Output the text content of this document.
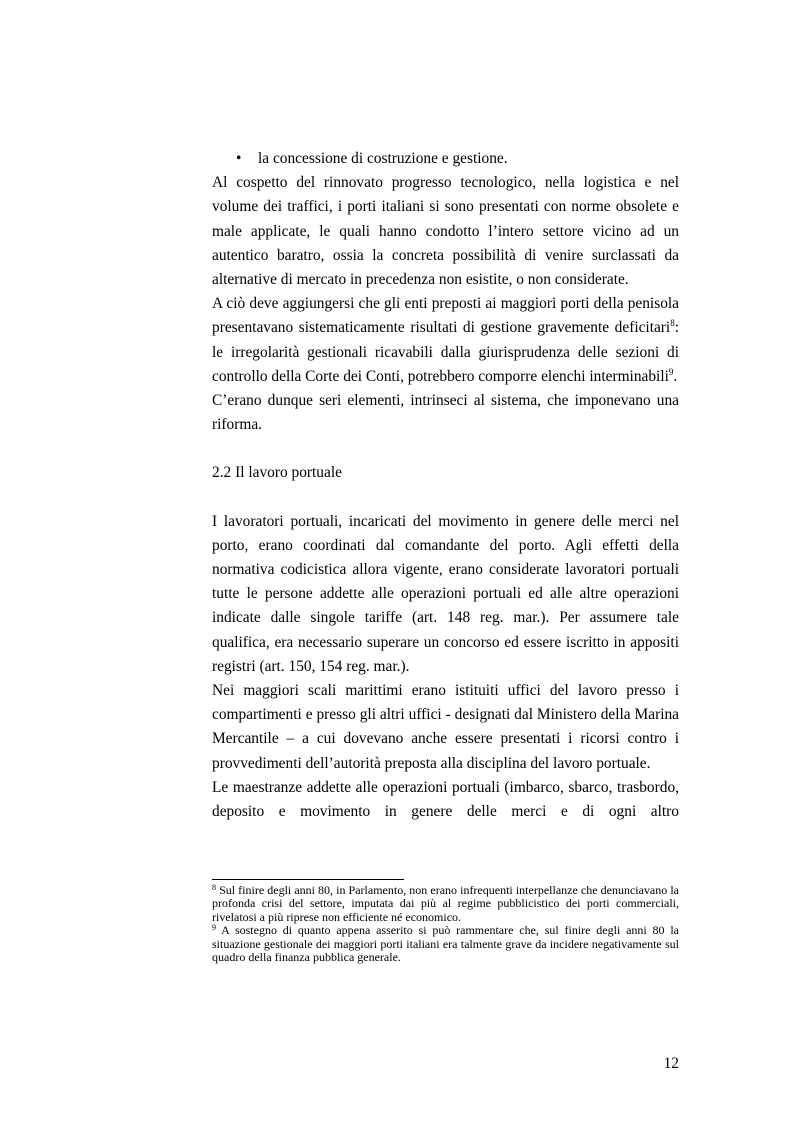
•	la concessione di costruzione e gestione.

Al cospetto del rinnovato progresso tecnologico, nella logistica e nel volume dei traffici, i porti italiani si sono presentati con norme obsolete e male applicate, le quali hanno condotto l’intero settore vicino ad un autentico baratro, ossia la concreta possibilità di venire surclassati da alternative di mercato in precedenza non esistite, o non considerate.

A ciò deve aggiungersi che gli enti preposti ai maggiori porti della penisola presentavano sistematicamente risultati di gestione gravemente deficitari$^8$: le irregolarità gestionali ricavabili dalla giurisprudenza delle sezioni di controllo della Corte dei Conti, potrebbero comporre elenchi interminabili$^9$.

C’erano dunque seri elementi, intrinseci al sistema, che imponevano una riforma.

2.2 Il lavoro portuale

I lavoratori portuali, incaricati del movimento in genere delle merci nel porto, erano coordinati dal comandante del porto. Agli effetti della normativa codicistica allora vigente, erano considerate lavoratori portuali tutte le persone addette alle operazioni portuali ed alle altre operazioni indicate dalle singole tariffe (art. 148 reg. mar.). Per assumere tale qualifica, era necessario superare un concorso ed essere iscritto in appositi registri (art. 150, 154 reg. mar.).

Nei maggiori scali marittimi erano istituiti uffici del lavoro presso i compartimenti e presso gli altri uffici - designati dal Ministero della Marina Mercantile – a cui dovevano anche essere presentati i ricorsi contro i provvedimenti dell’autorità preposta alla disciplina del lavoro portuale.

Le maestranze addette alle operazioni portuali (imbarco, sbarco, trasbordo, deposito e movimento in genere delle merci e di ogni altro

$^8$ Sul finire degli anni 80, in Parlamento, non erano infrequenti interpellanze che denunciavano la profonda crisi del settore, imputata dai più al regime pubblicistico dei porti commerciali, rivelatosi a più riprese non efficiente né economico.

$^9$ A sostegno di quanto appena asserito si può rammentare che, sul finire degli anni 80 la situazione gestionale dei maggiori porti italiani era talmente grave da incidere negativamente sul quadro della finanza pubblica generale.

12
